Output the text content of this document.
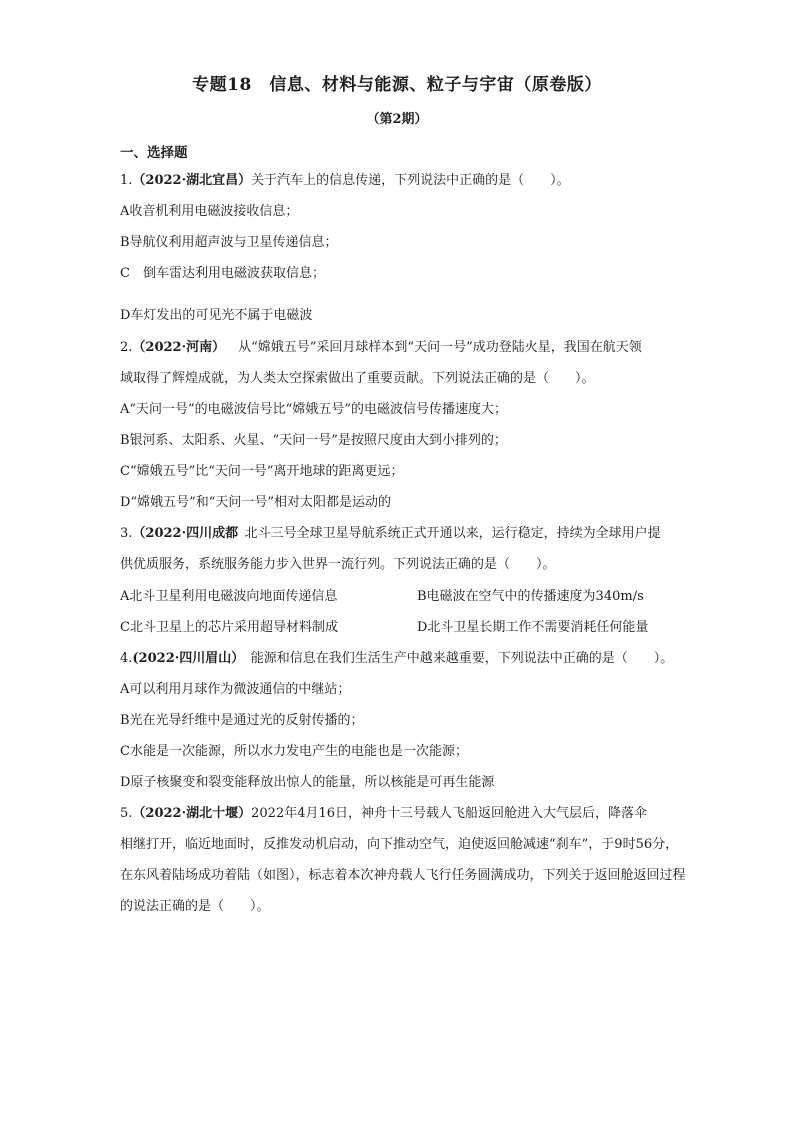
专题18　信息、材料与能源、粒子与宇宙（原卷版）
（第2期）
一、选择题
1.（2022·湖北宜昌）关于汽车上的信息传递，下列说法中正确的是（　　）。
A收音机利用电磁波接收信息；
B导航仪利用超声波与卫星传递信息；
C　倒车雷达利用电磁波获取信息；
D车灯发出的可见光不属于电磁波
2.（2022·河南）  从“嫦娥五号”采回月球样本到“天问一号”成功登陆火星，我国在航天领
域取得了辉煌成就，为人类太空探索做出了重要贡献。下列说法正确的是（　　）。
A“天问一号”的电磁波信号比“嫦娥五号”的电磁波信号传播速度大；
B银河系、太阳系、火星、“天问一号”是按照尺度由大到小排列的；
C“嫦娥五号”比“天问一号”离开地球的距离更远；
D“嫦娥五号”和“天问一号”相对太阳都是运动的
3.（2022·四川成都  北斗三号全球卫星导航系统正式开通以来，运行稳定，持续为全球用户提
供优质服务，系统服务能力步入世界一流行列。下列说法正确的是（　　）。
A北斗卫星利用电磁波向地面传递信息	B电磁波在空气中的传播速度为340m/s
C北斗卫星上的芯片采用超导材料制成	D北斗卫星长期工作不需要消耗任何能量
4.(2022·四川眉山）  能源和信息在我们生活生产中越来越重要，下列说法中正确的是（　　）。
A可以利用月球作为微波通信的中继站；
B光在光导纤维中是通过光的反射传播的；
C水能是一次能源，所以水力发电产生的电能也是一次能源；
D原子核聚变和裂变能释放出惊人的能量，所以核能是可再生能源
5.（2022·湖北十堰）2022年4月16日，神舟十三号载人飞船返回舱进入大气层后，降落伞
相继打开，临近地面时，反推发动机启动，向下推动空气，迫使返回舱减速“刹车”，于9时56分，
在东风着陆场成功着陆（如图），标志着本次神舟载人飞行任务圆满成功，下列关于返回舱返回过程
的说法正确的是（　　）。
